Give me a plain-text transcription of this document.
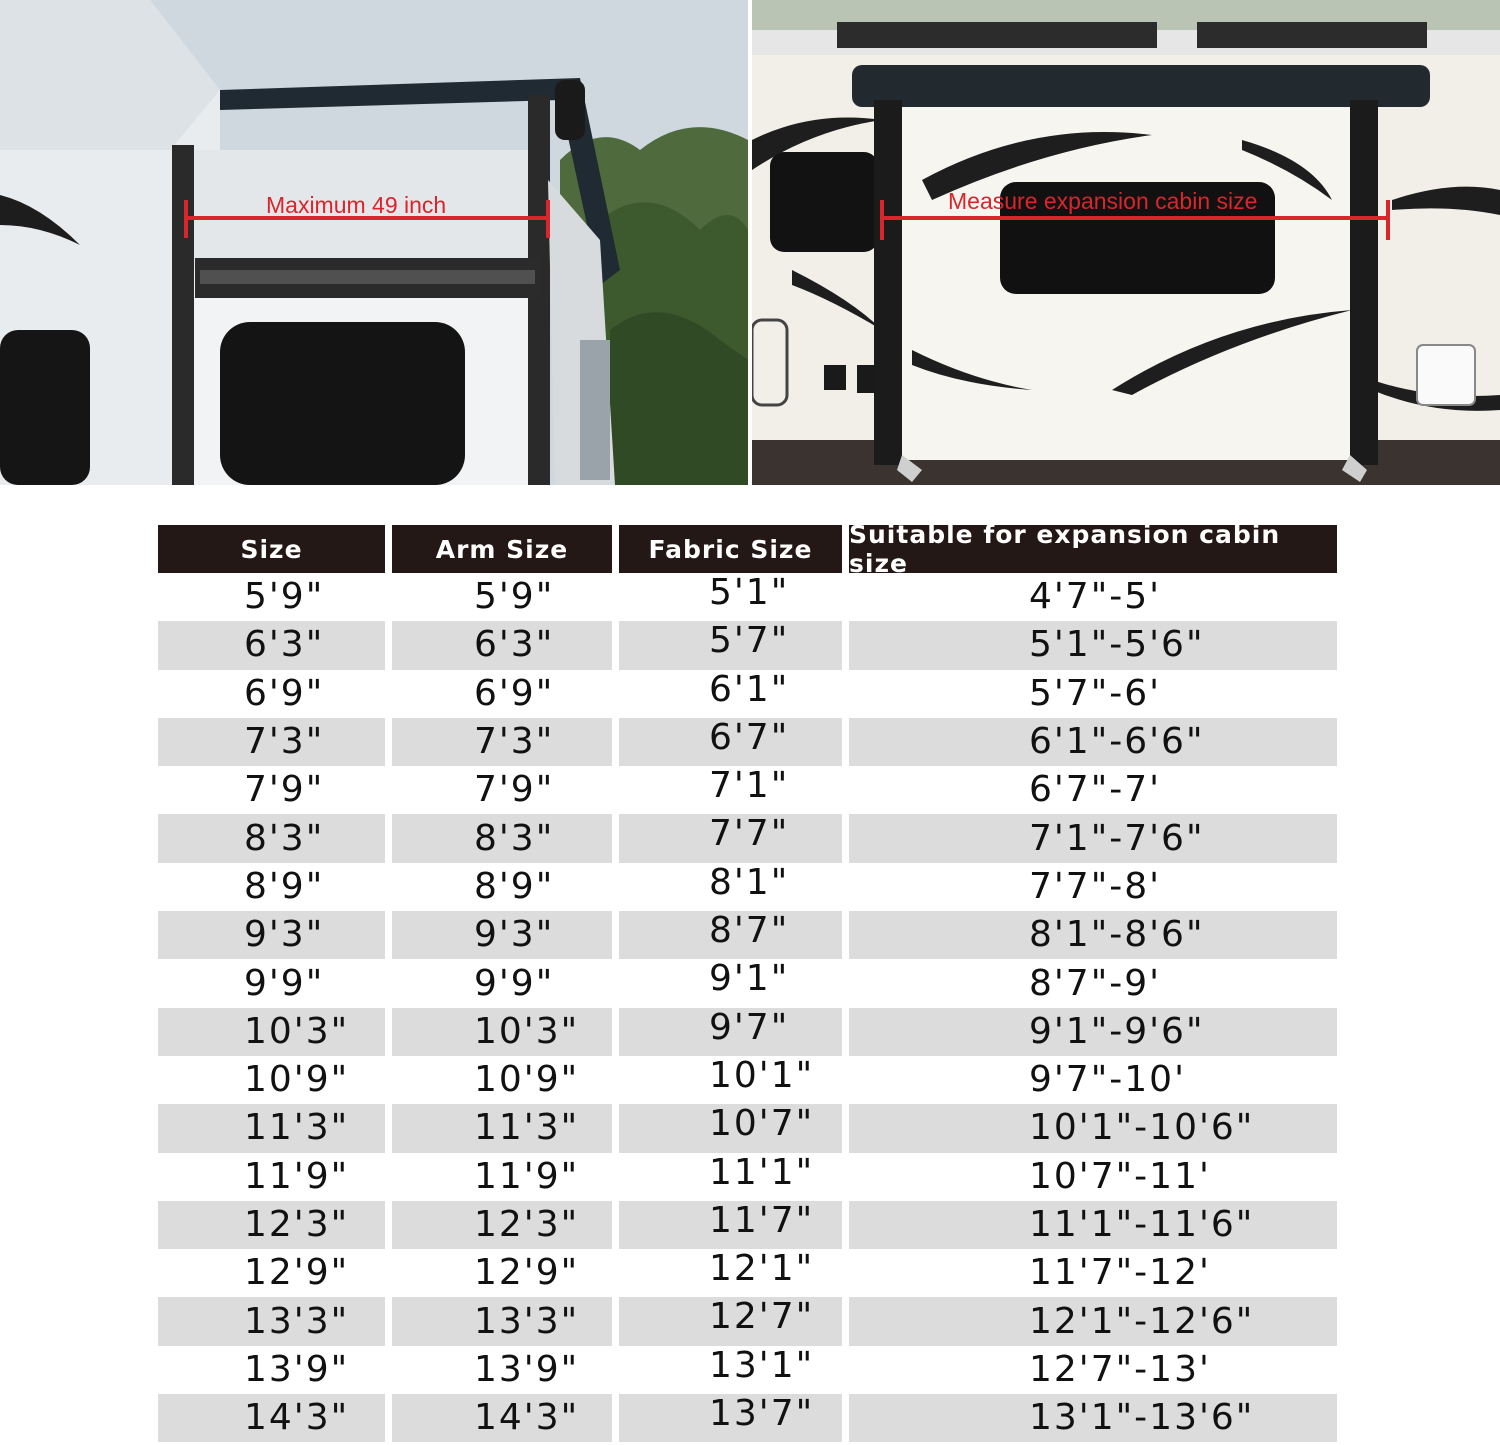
Maximum 49 inch	Measure expansion cabin size
Size	Arm Size	Fabric Size	Suitable for expansion cabin size
5'9"	5'9"	5'1"	4'7"-5'
6'3"	6'3"	5'7"	5'1"-5'6"
6'9"	6'9"	6'1"	5'7"-6'
7'3"	7'3"	6'7"	6'1"-6'6"
7'9"	7'9"	7'1"	6'7"-7'
8'3"	8'3"	7'7"	7'1"-7'6"
8'9"	8'9"	8'1"	7'7"-8'
9'3"	9'3"	8'7"	8'1"-8'6"
9'9"	9'9"	9'1"	8'7"-9'
10'3"	10'3"	9'7"	9'1"-9'6"
10'9"	10'9"	10'1"	9'7"-10'
11'3"	11'3"	10'7"	10'1"-10'6"
11'9"	11'9"	11'1"	10'7"-11'
12'3"	12'3"	11'7"	11'1"-11'6"
12'9"	12'9"	12'1"	11'7"-12'
13'3"	13'3"	12'7"	12'1"-12'6"
13'9"	13'9"	13'1"	12'7"-13'
14'3"	14'3"	13'7"	13'1"-13'6"
